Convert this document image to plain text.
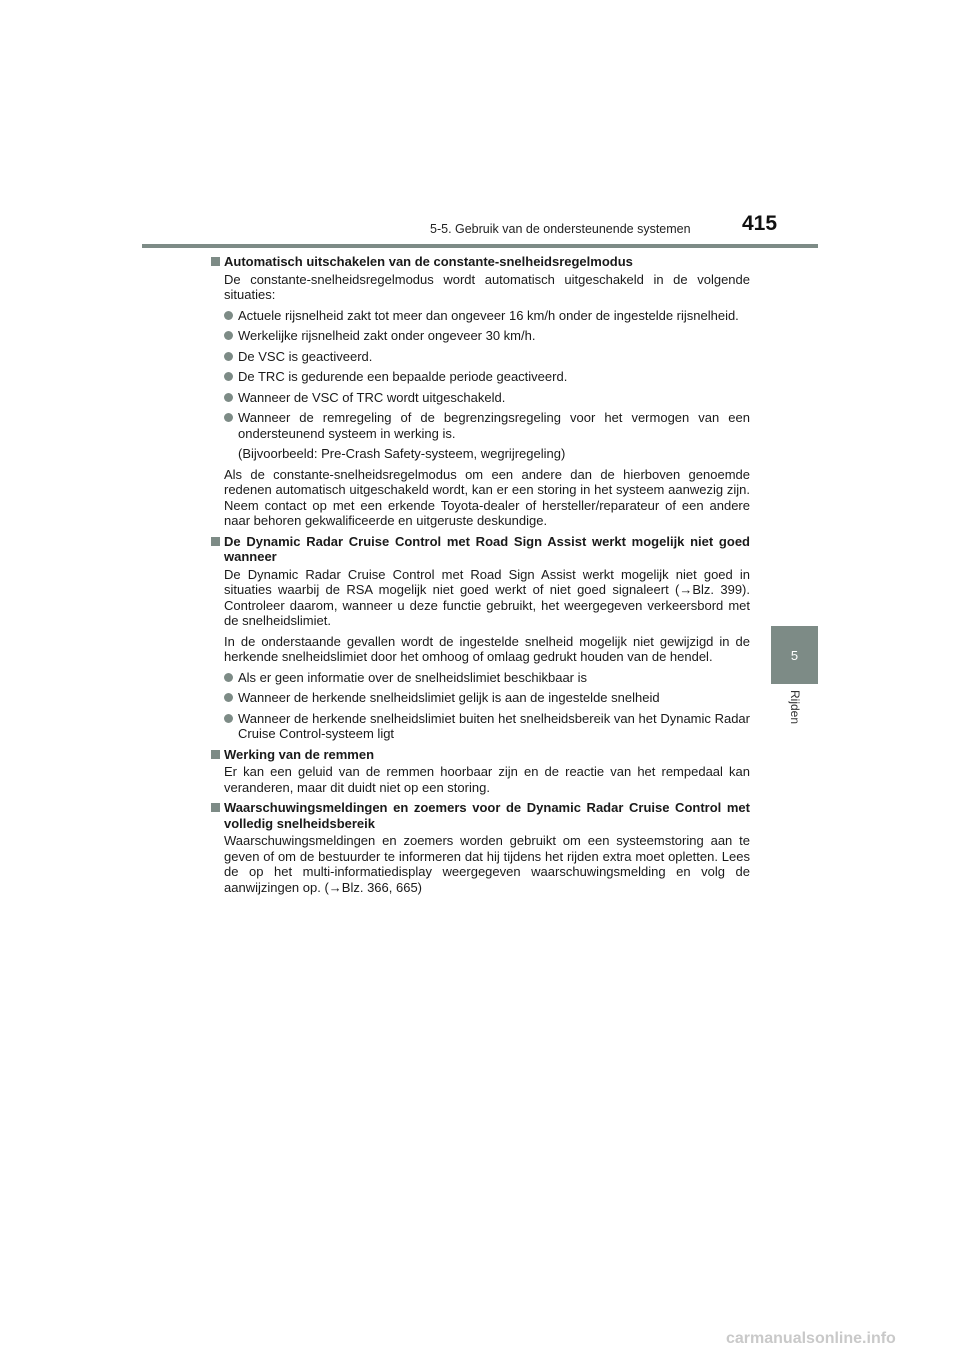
5-5. Gebruik van de ondersteunende systemen 415
5
Rijden
Automatisch uitschakelen van de constante-snelheidsregelmodus
De constante-snelheidsregelmodus wordt automatisch uitgeschakeld in de volgende situaties:
Actuele rijsnelheid zakt tot meer dan ongeveer 16 km/h onder de ingestelde rijsnelheid.
Werkelijke rijsnelheid zakt onder ongeveer 30 km/h.
De VSC is geactiveerd.
De TRC is gedurende een bepaalde periode geactiveerd.
Wanneer de VSC of TRC wordt uitgeschakeld.
Wanneer de remregeling of de begrenzingsregeling voor het vermogen van een ondersteunend systeem in werking is.
(Bijvoorbeeld: Pre-Crash Safety-systeem, wegrijregeling)
Als de constante-snelheidsregelmodus om een andere dan de hierboven genoemde redenen automatisch uitgeschakeld wordt, kan er een storing in het systeem aanwezig zijn. Neem contact op met een erkende Toyota-dealer of hersteller/reparateur of een andere naar behoren gekwalificeerde en uitgeruste deskundige.
De Dynamic Radar Cruise Control met Road Sign Assist werkt mogelijk niet goed wanneer
De Dynamic Radar Cruise Control met Road Sign Assist werkt mogelijk niet goed in situaties waarbij de RSA mogelijk niet goed werkt of niet goed signaleert (→Blz. 399). Controleer daarom, wanneer u deze functie gebruikt, het weergegeven verkeersbord met de snelheidslimiet.
In de onderstaande gevallen wordt de ingestelde snelheid mogelijk niet gewijzigd in de herkende snelheidslimiet door het omhoog of omlaag gedrukt houden van de hendel.
Als er geen informatie over de snelheidslimiet beschikbaar is
Wanneer de herkende snelheidslimiet gelijk is aan de ingestelde snelheid
Wanneer de herkende snelheidslimiet buiten het snelheidsbereik van het Dynamic Radar Cruise Control-systeem ligt
Werking van de remmen
Er kan een geluid van de remmen hoorbaar zijn en de reactie van het rempedaal kan veranderen, maar dit duidt niet op een storing.
Waarschuwingsmeldingen en zoemers voor de Dynamic Radar Cruise Control met volledig snelheidsbereik
Waarschuwingsmeldingen en zoemers worden gebruikt om een systeemstoring aan te geven of om de bestuurder te informeren dat hij tijdens het rijden extra moet opletten. Lees de op het multi-informatiedisplay weergegeven waarschuwingsmelding en volg de aanwijzingen op. (→Blz. 366, 665)
carmanualsonline.info
